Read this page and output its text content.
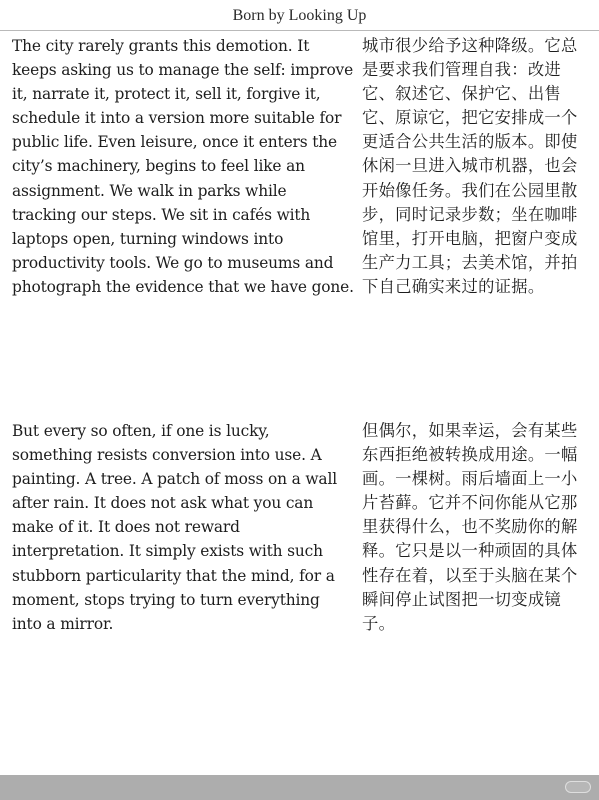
Born by Looking Up

The city rarely grants this demotion. It
keeps asking us to manage the self: improve
it, narrate it, protect it, sell it, forgive it,
schedule it into a version more suitable for
public life. Even leisure, once it enters the
city’s machinery, begins to feel like an
assignment. We walk in parks while
tracking our steps. We sit in cafés with
laptops open, turning windows into
productivity tools. We go to museums and
photograph the evidence that we have gone.

城市很少给予这种降级。它总
是要求我们管理自我：改进
它、叙述它、保护它、出售
它、原谅它，把它安排成一个
更适合公共生活的版本。即使
休闲一旦进入城市机器，也会
开始像任务。我们在公园里散
步，同时记录步数；坐在咖啡
馆里，打开电脑，把窗户变成
生产力工具；去美术馆，并拍
下自己确实来过的证据。

But every so often, if one is lucky,
something resists conversion into use. A
painting. A tree. A patch of moss on a wall
after rain. It does not ask what you can
make of it. It does not reward
interpretation. It simply exists with such
stubborn particularity that the mind, for a
moment, stops trying to turn everything
into a mirror.

但偶尔，如果幸运，会有某些
东西拒绝被转换成用途。一幅
画。一棵树。雨后墙面上一小
片苔藓。它并不问你能从它那
里获得什么，也不奖励你的解
释。它只是以一种顽固的具体
性存在着，以至于头脑在某个
瞬间停止试图把一切变成镜
子。
